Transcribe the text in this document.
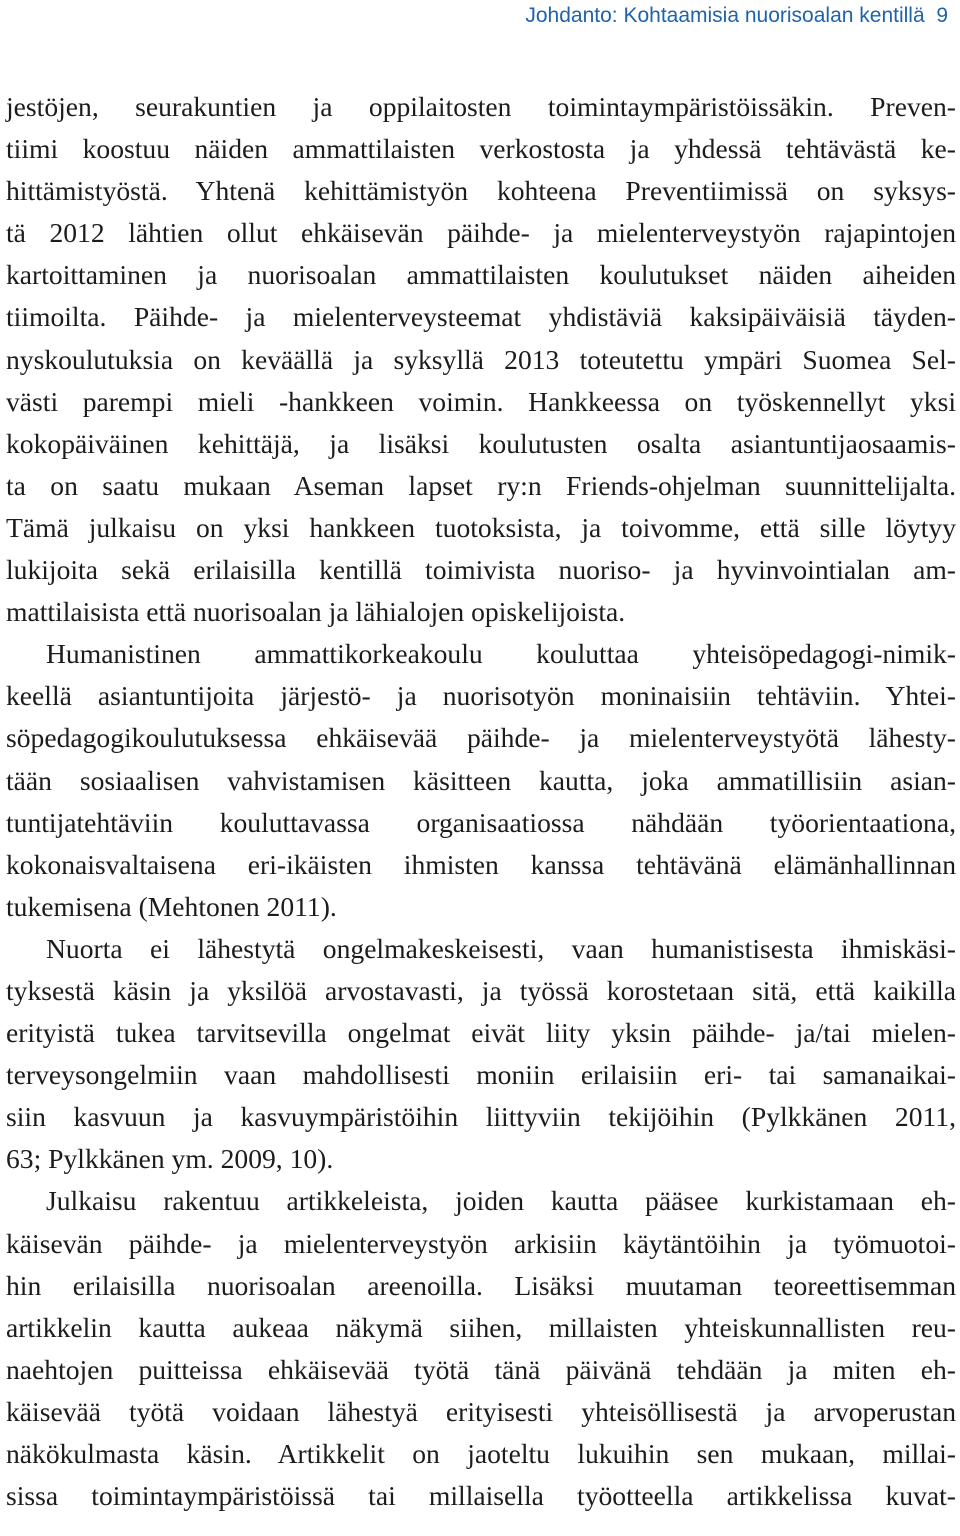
Johdanto: Kohtaamisia nuorisoalan kentillä 9
jestöjen, seurakuntien ja oppilaitosten toimintaympäristöissäkin. Preven-
tiimi koostuu näiden ammattilaisten verkostosta ja yhdessä tehtävästä ke-
hittämistyöstä. Yhtenä kehittämistyön kohteena Preventiimissä on syksys-
tä 2012 lähtien ollut ehkäisevän päihde- ja mielenterveystyön rajapintojen
kartoittaminen ja nuorisoalan ammattilaisten koulutukset näiden aiheiden
tiimoilta. Päihde- ja mielenterveysteemat yhdistäviä kaksipäiväisiä täyden-
nyskoulutuksia on keväällä ja syksyllä 2013 toteutettu ympäri Suomea Sel-
västi parempi mieli -hankkeen voimin. Hankkeessa on työskennellyt yksi
kokopäiväinen kehittäjä, ja lisäksi koulutusten osalta asiantuntijaosaamis-
ta on saatu mukaan Aseman lapset ry:n Friends-ohjelman suunnittelijalta.
Tämä julkaisu on yksi hankkeen tuotoksista, ja toivomme, että sille löytyy
lukijoita sekä erilaisilla kentillä toimivista nuoriso- ja hyvinvointialan am-
mattilaisista että nuorisoalan ja lähialojen opiskelijoista.
Humanistinen ammattikorkeakoulu kouluttaa yhteisöpedagogi-nimik-
keellä asiantuntijoita järjestö- ja nuorisotyön moninaisiin tehtäviin. Yhtei-
söpedagogikoulutuksessa ehkäisevää päihde- ja mielenterveystyötä lähesty-
tään sosiaalisen vahvistamisen käsitteen kautta, joka ammatillisiin asian-
tuntijatehtäviin kouluttavassa organisaatiossa nähdään työorientaationa,
kokonaisvaltaisena eri-ikäisten ihmisten kanssa tehtävänä elämänhallinnan
tukemisena (Mehtonen 2011).
Nuorta ei lähestytä ongelmakeskeisesti, vaan humanistisesta ihmiskäsi-
tyksestä käsin ja yksilöä arvostavasti, ja työssä korostetaan sitä, että kaikilla
erityistä tukea tarvitsevilla ongelmat eivät liity yksin päihde- ja/tai mielen-
terveysongelmiin vaan mahdollisesti moniin erilaisiin eri- tai samanaikai-
siin kasvuun ja kasvuympäristöihin liittyviin tekijöihin (Pylkkänen 2011,
63; Pylkkänen ym. 2009, 10).
Julkaisu rakentuu artikkeleista, joiden kautta pääsee kurkistamaan eh-
käisevän päihde- ja mielenterveystyön arkisiin käytäntöihin ja työmuotoi-
hin erilaisilla nuorisoalan areenoilla. Lisäksi muutaman teoreettisemman
artikkelin kautta aukeaa näkymä siihen, millaisten yhteiskunnallisten reu-
naehtojen puitteissa ehkäisevää työtä tänä päivänä tehdään ja miten eh-
käisevää työtä voidaan lähestyä erityisesti yhteisöllisestä ja arvoperustan
näkökulmasta käsin. Artikkelit on jaoteltu lukuihin sen mukaan, millai-
sissa toimintaympäristöissä tai millaisella työotteella artikkelissa kuvat-
